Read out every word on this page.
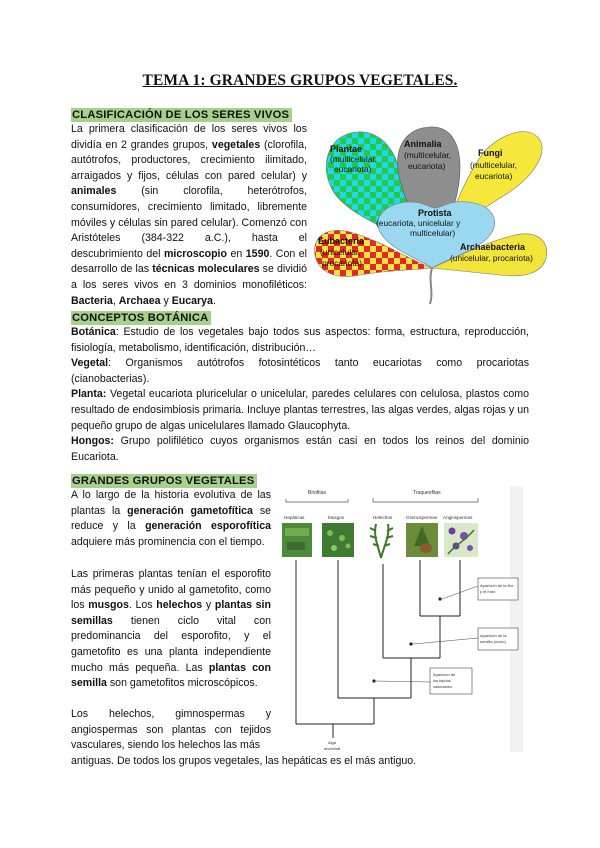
TEMA 1: GRANDES GRUPOS VEGETALES.
CLASIFICACIÓN DE LOS SERES VIVOS

La primera clasificación de los seres vivos los dividía en 2 grandes grupos, vegetales (clorofila, autótrofos, productores, crecimiento ilimitado, arraigados y fijos, células con pared celular) y animales (sin clorofila, heterótrofos, consumidores, crecimiento limitado, libremente móviles y células sin pared celular). Comenzó con Aristóteles (384-322 a.C.), hasta el descubrimiento del microscopio en 1590. Con el desarrollo de las técnicas moleculares se dividió a los seres vivos en 3 dominios monofiléticos: Bacteria, Archaea y Eucarya.

Plantae
(multicelular,
eucariota)
Animalia
(multicelular,
eucariota)
Fungi
(multicelular,
eucariota)
Protista
(eucariota, unicelular y
multicelular)
Eubacteria
(unicelular,
procariota)
Archaebacteria
(unicelular, procariota)
CONCEPTOS BOTÁNICA

Botánica: Estudio de los vegetales bajo todos sus aspectos: forma, estructura, reproducción, fisiología, metabolismo, identificación, distribución…

Vegetal: Organismos autótrofos fotosintéticos tanto eucariotas como procariotas (cianobacterias).

Planta: Vegetal eucariota pluricelular o unicelular, paredes celulares con celulosa, plastos como resultado de endosimbiosis primaria. Incluye plantas terrestres, las algas verdes, algas rojas y un pequeño grupo de algas unicelulares llamado Glaucophyta.

Hongos: Grupo polifilético cuyos organismos están casi en todos los reinos del dominio Eucariota.

GRANDES GRUPOS VEGETALES

A lo largo de la historia evolutiva de las plantas la generación gametofítica se reduce y la generación esporofítica adquiere más prominencia con el tiempo.

Las primeras plantas tenían el esporofito más pequeño y unido al gametofito, como los musgos. Los helechos y plantas sin semillas tienen ciclo vital con predominancia del esporofito, y el gametofito es una planta independiente mucho más pequeña. Las plantas con semilla son gametofitos microscópicos.

Los helechos, gimnospermas y angiospermas son plantas con tejidos vasculares, siendo los helechos las más

antiguas. De todos los grupos vegetales, las hepáticas es el más antiguo.
Briofitas	Traqueofitas
Hepáticas	Musgos	Helechos	Gimnospermas Angiospermas
Aparición de la flor
y el fruto
Aparición de la
semilla (óvulo)
Aparición de
los tejidos
vasculares
Alga
ancestral
